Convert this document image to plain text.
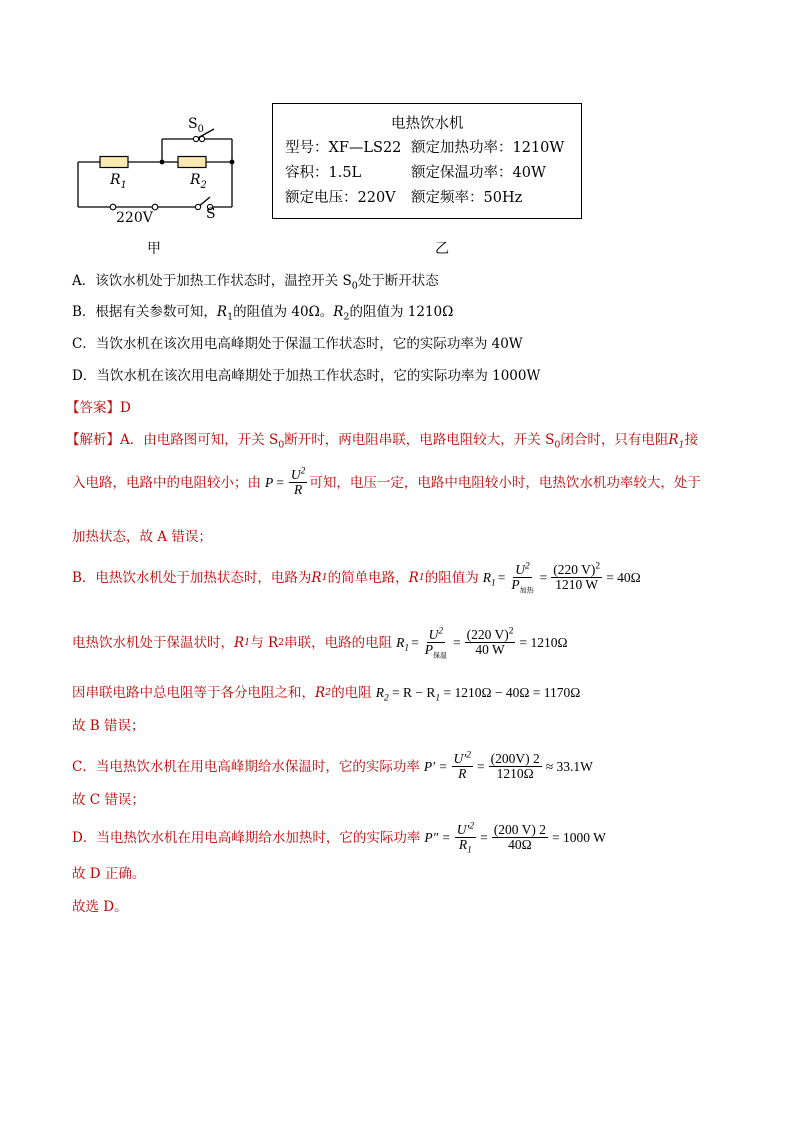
$S_0$
$R_1$	$R_2$
220V	S
甲
电热饮水机
型号：XF—LS22 额定加热功率：1210W
容积：1.5L	额定保温功率：40W
额定电压：220V 额定频率：50Hz
乙
A．该饮水机处于加热工作状态时，温控开关 $S_0$处于断开状态
B．根据有关参数可知，$R_1$的阻值为 40Ω。$R_2$的阻值为 1210Ω
C．当饮水机在该次用电高峰期处于保温工作状态时，它的实际功率为 40W
D．当饮水机在该次用电高峰期处于加热工作状态时，它的实际功率为 1000W
【答案】D
【解析】A．由电路图可知，开关 $S_0$断开时，两电阻串联，电路电阻较大，开关 $S_0$闭合时，只有电阻$R_1$接
入电路，电路中的电阻较小；由 $P = \frac{U^2}{R}$ 可知，电压一定，电路中电阻较小时，电热饮水机功率较大，处于
加热状态，故 A 错误；
B．电热饮水机处于加热状态时，电路为 R 1 的简单电路， R 1 的阻值为 $R_1 = \frac{U^2}{P_{加热}} = \frac{(220 V)^2}{1210 W} = 40\Omega$
电热饮水机处于保温状时， R 1 与 R 2 串联，电路的电阻 $R_1 = \frac{U^2}{P_{保温}} = \frac{(220 V)^2}{40 W} = 1210\Omega$
因串联电路中总电阻等于各分电阻之和， R 2 的电阻 $R_2 = R - R_1 = 1210\Omega - 40\Omega = 1170\Omega$
故 B 错误；
C．当电热饮水机在用电高峰期给水保温时，它的实际功率 $P' = \frac{U'^2}{R} = \frac{(200V) 2}{1210\Omega} \approx 33.1W$
故 C 错误；
D．当电热饮水机在用电高峰期给水加热时，它的实际功率 $P'' = \frac{U'^2}{R_1} = \frac{(200 V) 2}{40\Omega} = 1000$ W
故 D 正确。
故选 D。
